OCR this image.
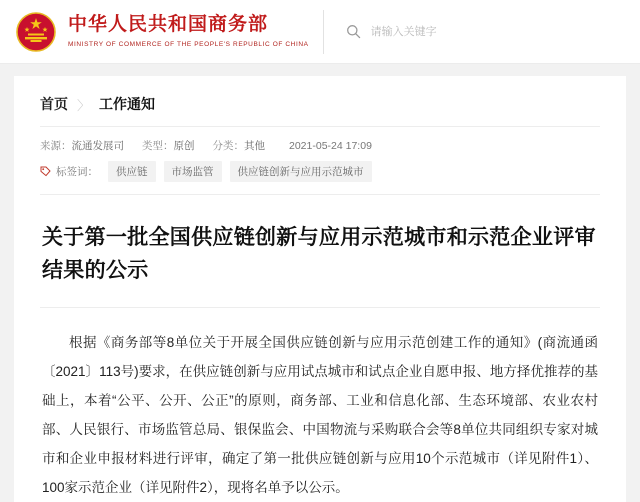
中华人民共和国商务部
MINISTRY OF COMMERCE OF THE PEOPLE'S REPUBLIC OF CHINA
请输入关键字
首页 〉 工作通知
来源：流通发展司 类型：原创 分类：其他 2021-05-24 17:09
标签词：	供应链	市场监管	供应链创新与应用示范城市
关于第一批全国供应链创新与应用示范城市和示范企业评审结果的公示
根据《商务部等8单位关于开展全国供应链创新与应用示范创建工作的通知》(商流通函〔2021〕113号)要求，在供应链创新与应用试点城市和试点企业自愿申报、地方择优推荐的基础上，本着“公平、公开、公正”的原则，商务部、工业和信息化部、生态环境部、农业农村部、人民银行、市场监管总局、银保监会、中国物流与采购联合会等8单位共同组织专家对城市和企业申报材料进行评审，确定了第一批供应链创新与应用10个示范城市（详见附件1）、100家示范企业（详见附件2），现将名单予以公示。
